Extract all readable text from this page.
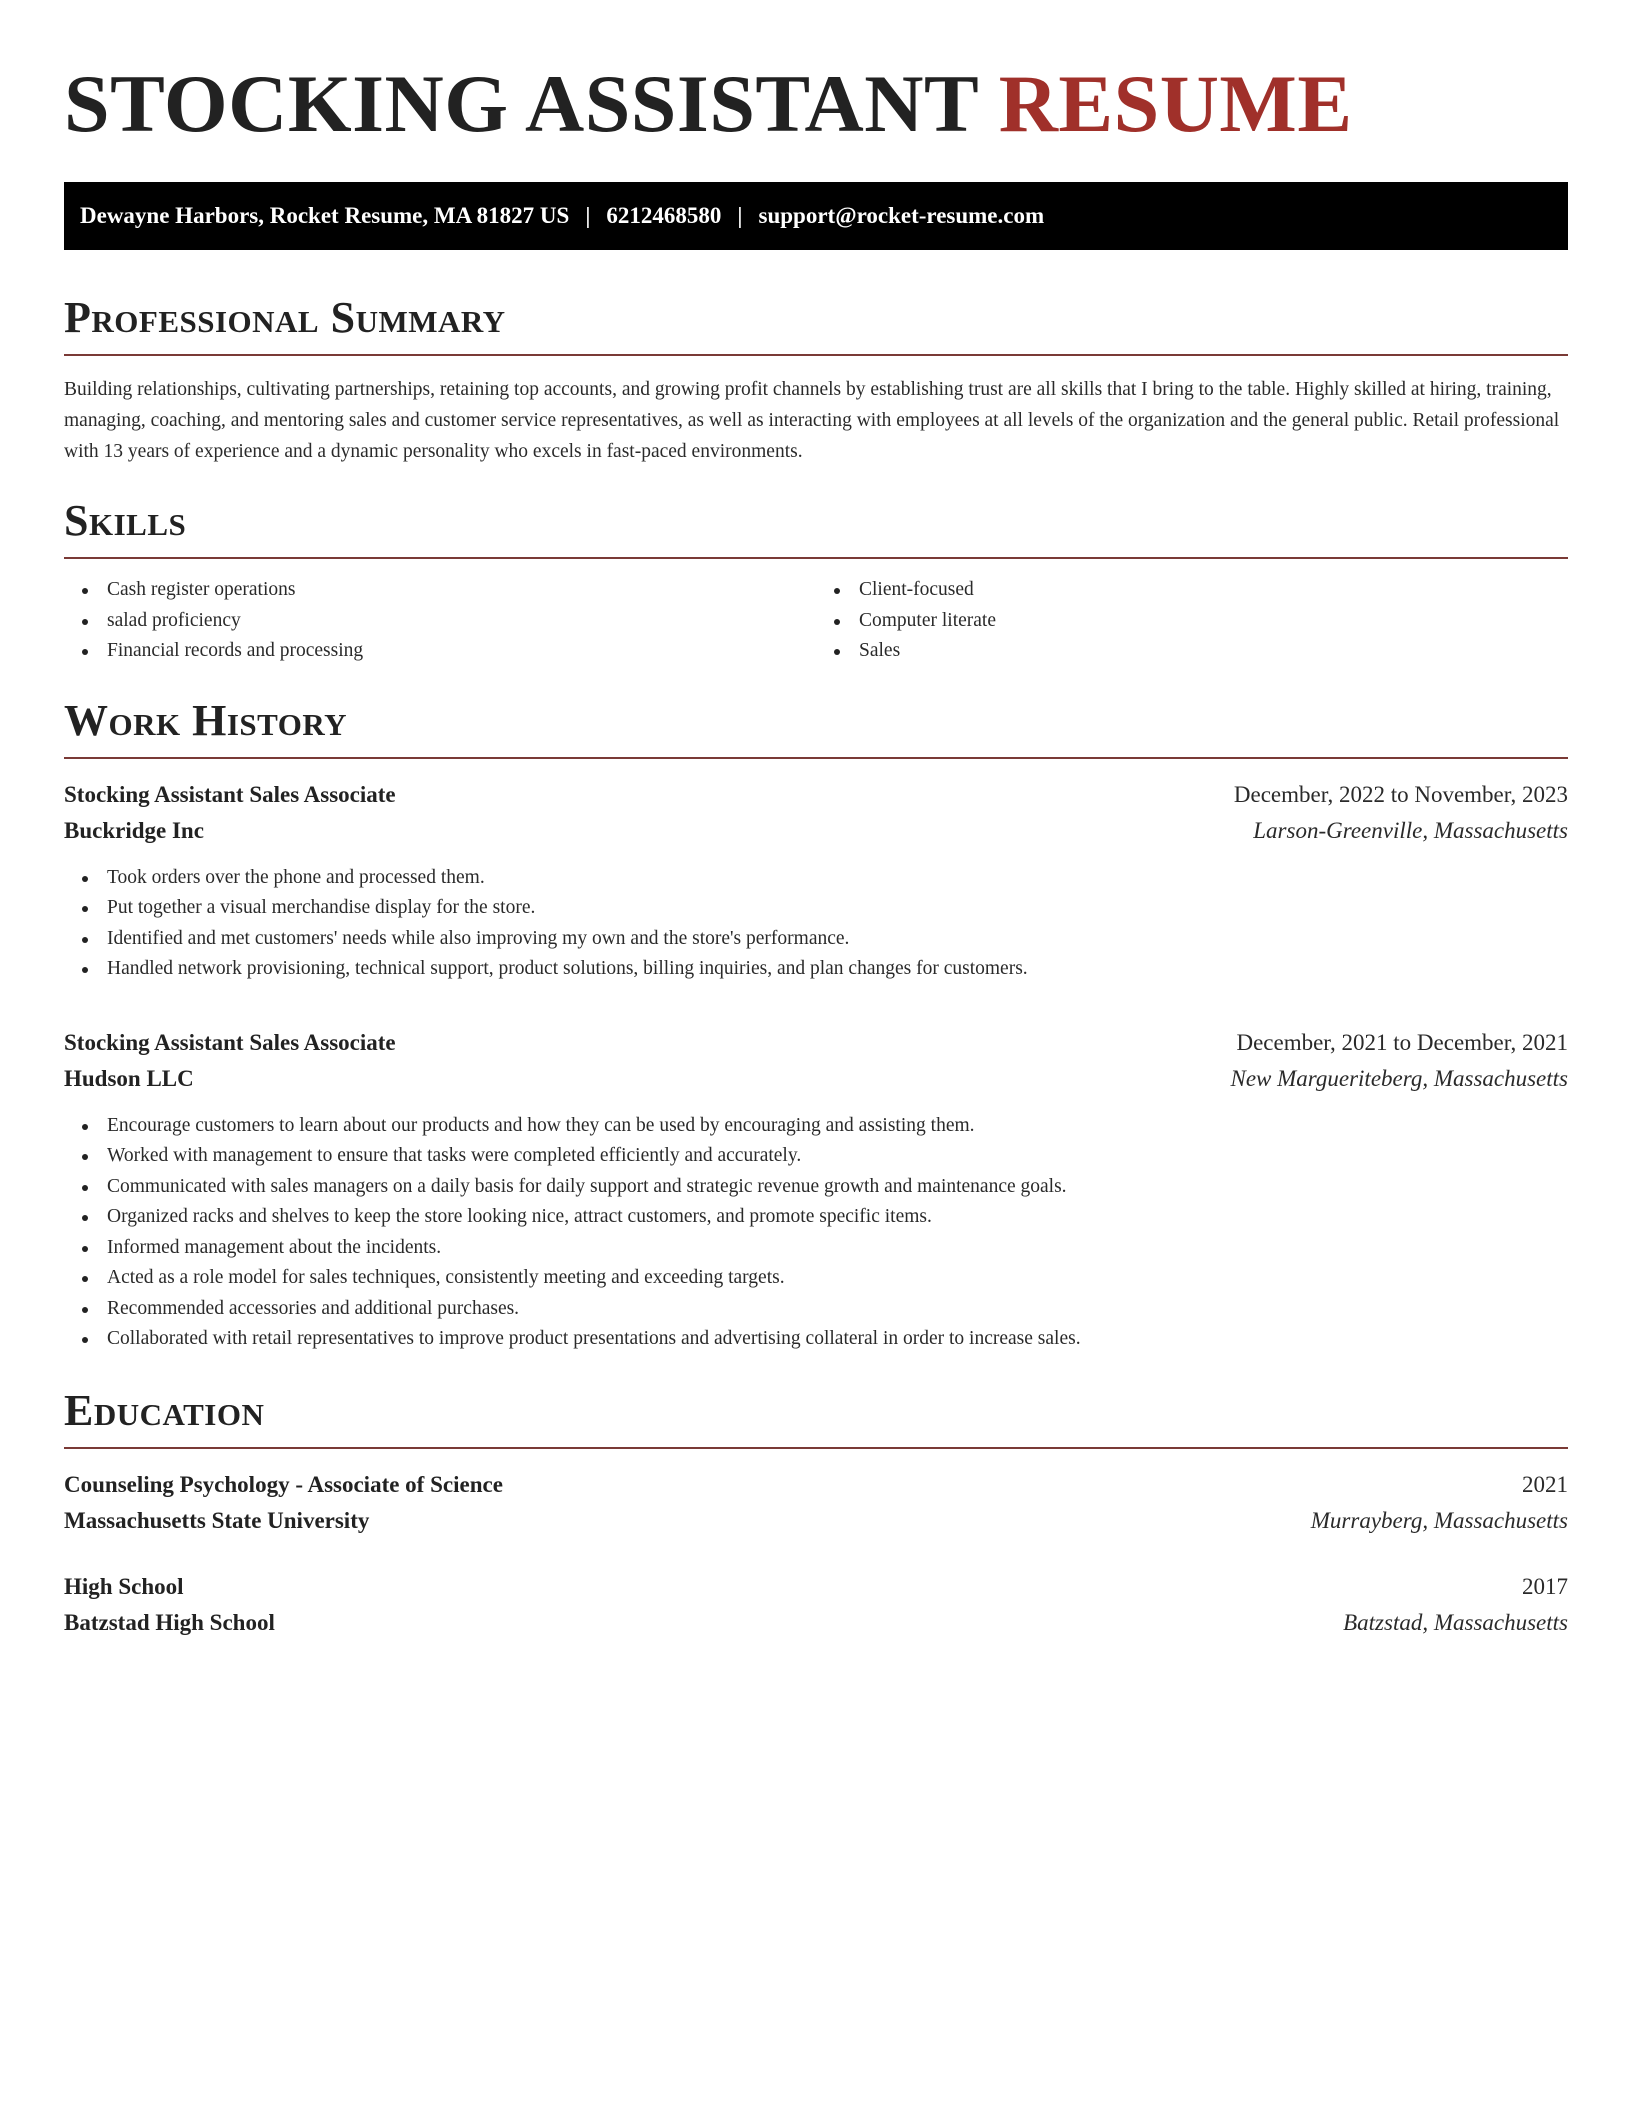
STOCKING ASSISTANT RESUME
Dewayne Harbors, Rocket Resume, MA 81827 US | 6212468580 | support@rocket-resume.com
Professional Summary

Building relationships, cultivating partnerships, retaining top accounts, and growing profit channels by establishing trust are all skills that I bring to the table. Highly skilled at hiring, training, managing, coaching, and mentoring sales and customer service representatives, as well as interacting with employees at all levels of the organization and the general public. Retail professional with 13 years of experience and a dynamic personality who excels in fast-paced environments.

Skills
Cash register operations
salad proficiency
Financial records and processing
Client-focused
Computer literate
Sales
Work History
Stocking Assistant Sales Associate	December, 2022 to November, 2023
Buckridge Inc	Larson-Greenville, Massachusetts
Took orders over the phone and processed them.
Put together a visual merchandise display for the store.
Identified and met customers' needs while also improving my own and the store's performance.
Handled network provisioning, technical support, product solutions, billing inquiries, and plan changes for customers.
Stocking Assistant Sales Associate	December, 2021 to December, 2021
Hudson LLC	New Margueriteberg, Massachusetts
Encourage customers to learn about our products and how they can be used by encouraging and assisting them.
Worked with management to ensure that tasks were completed efficiently and accurately.
Communicated with sales managers on a daily basis for daily support and strategic revenue growth and maintenance goals.
Organized racks and shelves to keep the store looking nice, attract customers, and promote specific items.
Informed management about the incidents.
Acted as a role model for sales techniques, consistently meeting and exceeding targets.
Recommended accessories and additional purchases.
Collaborated with retail representatives to improve product presentations and advertising collateral in order to increase sales.
Education
Counseling Psychology - Associate of Science	2021
Massachusetts State University	Murrayberg, Massachusetts
High School	2017
Batzstad High School	Batzstad, Massachusetts
